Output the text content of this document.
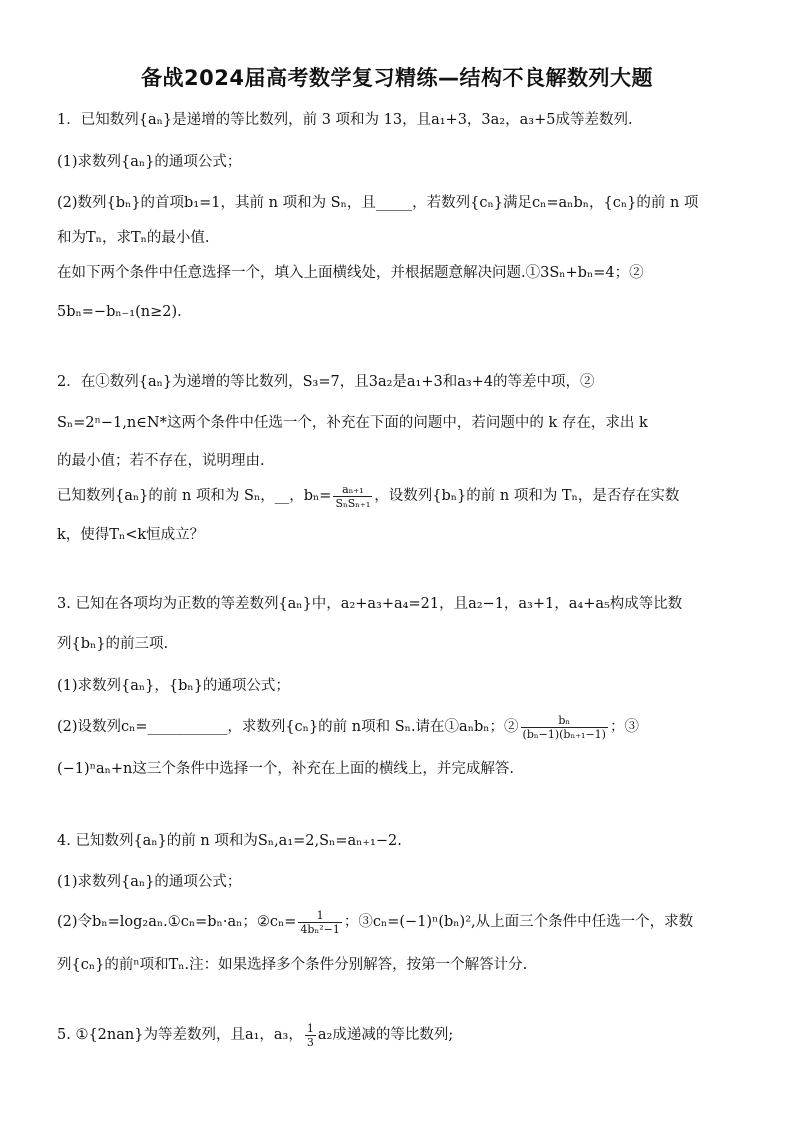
备战2024届高考数学复习精练—结构不良解数列大题
1．已知数列{aₙ}是递增的等比数列，前 3 项和为 13，且a₁+3，3a₂，a₃+5成等差数列.
(1)求数列{aₙ}的通项公式；
(2)数列{bₙ}的首项b₁=1，其前 n 项和为 Sₙ，且_____，若数列{cₙ}满足cₙ=aₙbₙ，{cₙ}的前 n 项
和为Tₙ，求Tₙ的最小值.
在如下两个条件中任意选择一个，填入上面横线处，并根据题意解决问题.①3Sₙ+bₙ=4；②
5bₙ=−bₙ₋₁(n≥2).
2．在①数列{aₙ}为递增的等比数列，S₃=7，且3a₂是a₁+3和a₃+4的等差中项，②
Sₙ=2ⁿ−1,n∈N*这两个条件中任选一个，补充在下面的问题中，若问题中的 k 存在，求出 k
的最小值；若不存在，说明理由.
已知数列{aₙ}的前 n 项和为 Sₙ，__，$b_n= \frac{\text{aₙ₊₁}}{\text{SₙSₙ₊₁}}$ ，设数列{bₙ}的前 n 项和为 Tₙ，是否存在实数
k，使得Tₙ<k恒成立？
3. 已知在各项均为正数的等差数列{aₙ}中，a₂+a₃+a₄=21，且a₂−1，a₃+1，a₄+a₅构成等比数
列{bₙ}的前三项.
(1)求数列{aₙ}，{bₙ}的通项公式；
(2)设数列cₙ=___________，求数列{cₙ}的前 n项和 Sₙ.请在①aₙbₙ；② $\frac{\text{bₙ}}{\text{(bₙ−1)(bₙ₊₁−1)}}$ ；③
(−1)ⁿaₙ+n这三个条件中选择一个，补充在上面的横线上，并完成解答.
4. 已知数列{aₙ}的前 n 项和为Sₙ,a₁=2,Sₙ=aₙ₊₁−2.
(1)求数列{aₙ}的通项公式；
(2)令bₙ=log₂aₙ.①cₙ=bₙ·aₙ；②cₙ= $\frac{1}{\text{4bₙ²−1}}$ ；③cₙ=(−1)ⁿ(bₙ)²,从上面三个条件中任选一个，求数
列{cₙ}的前ⁿ项和Tₙ.注：如果选择多个条件分别解答，按第一个解答计分.
5. ①{2nan}为等差数列，且a₁，a₃， $\frac{1}{3} a_2$成递减的等比数列;
